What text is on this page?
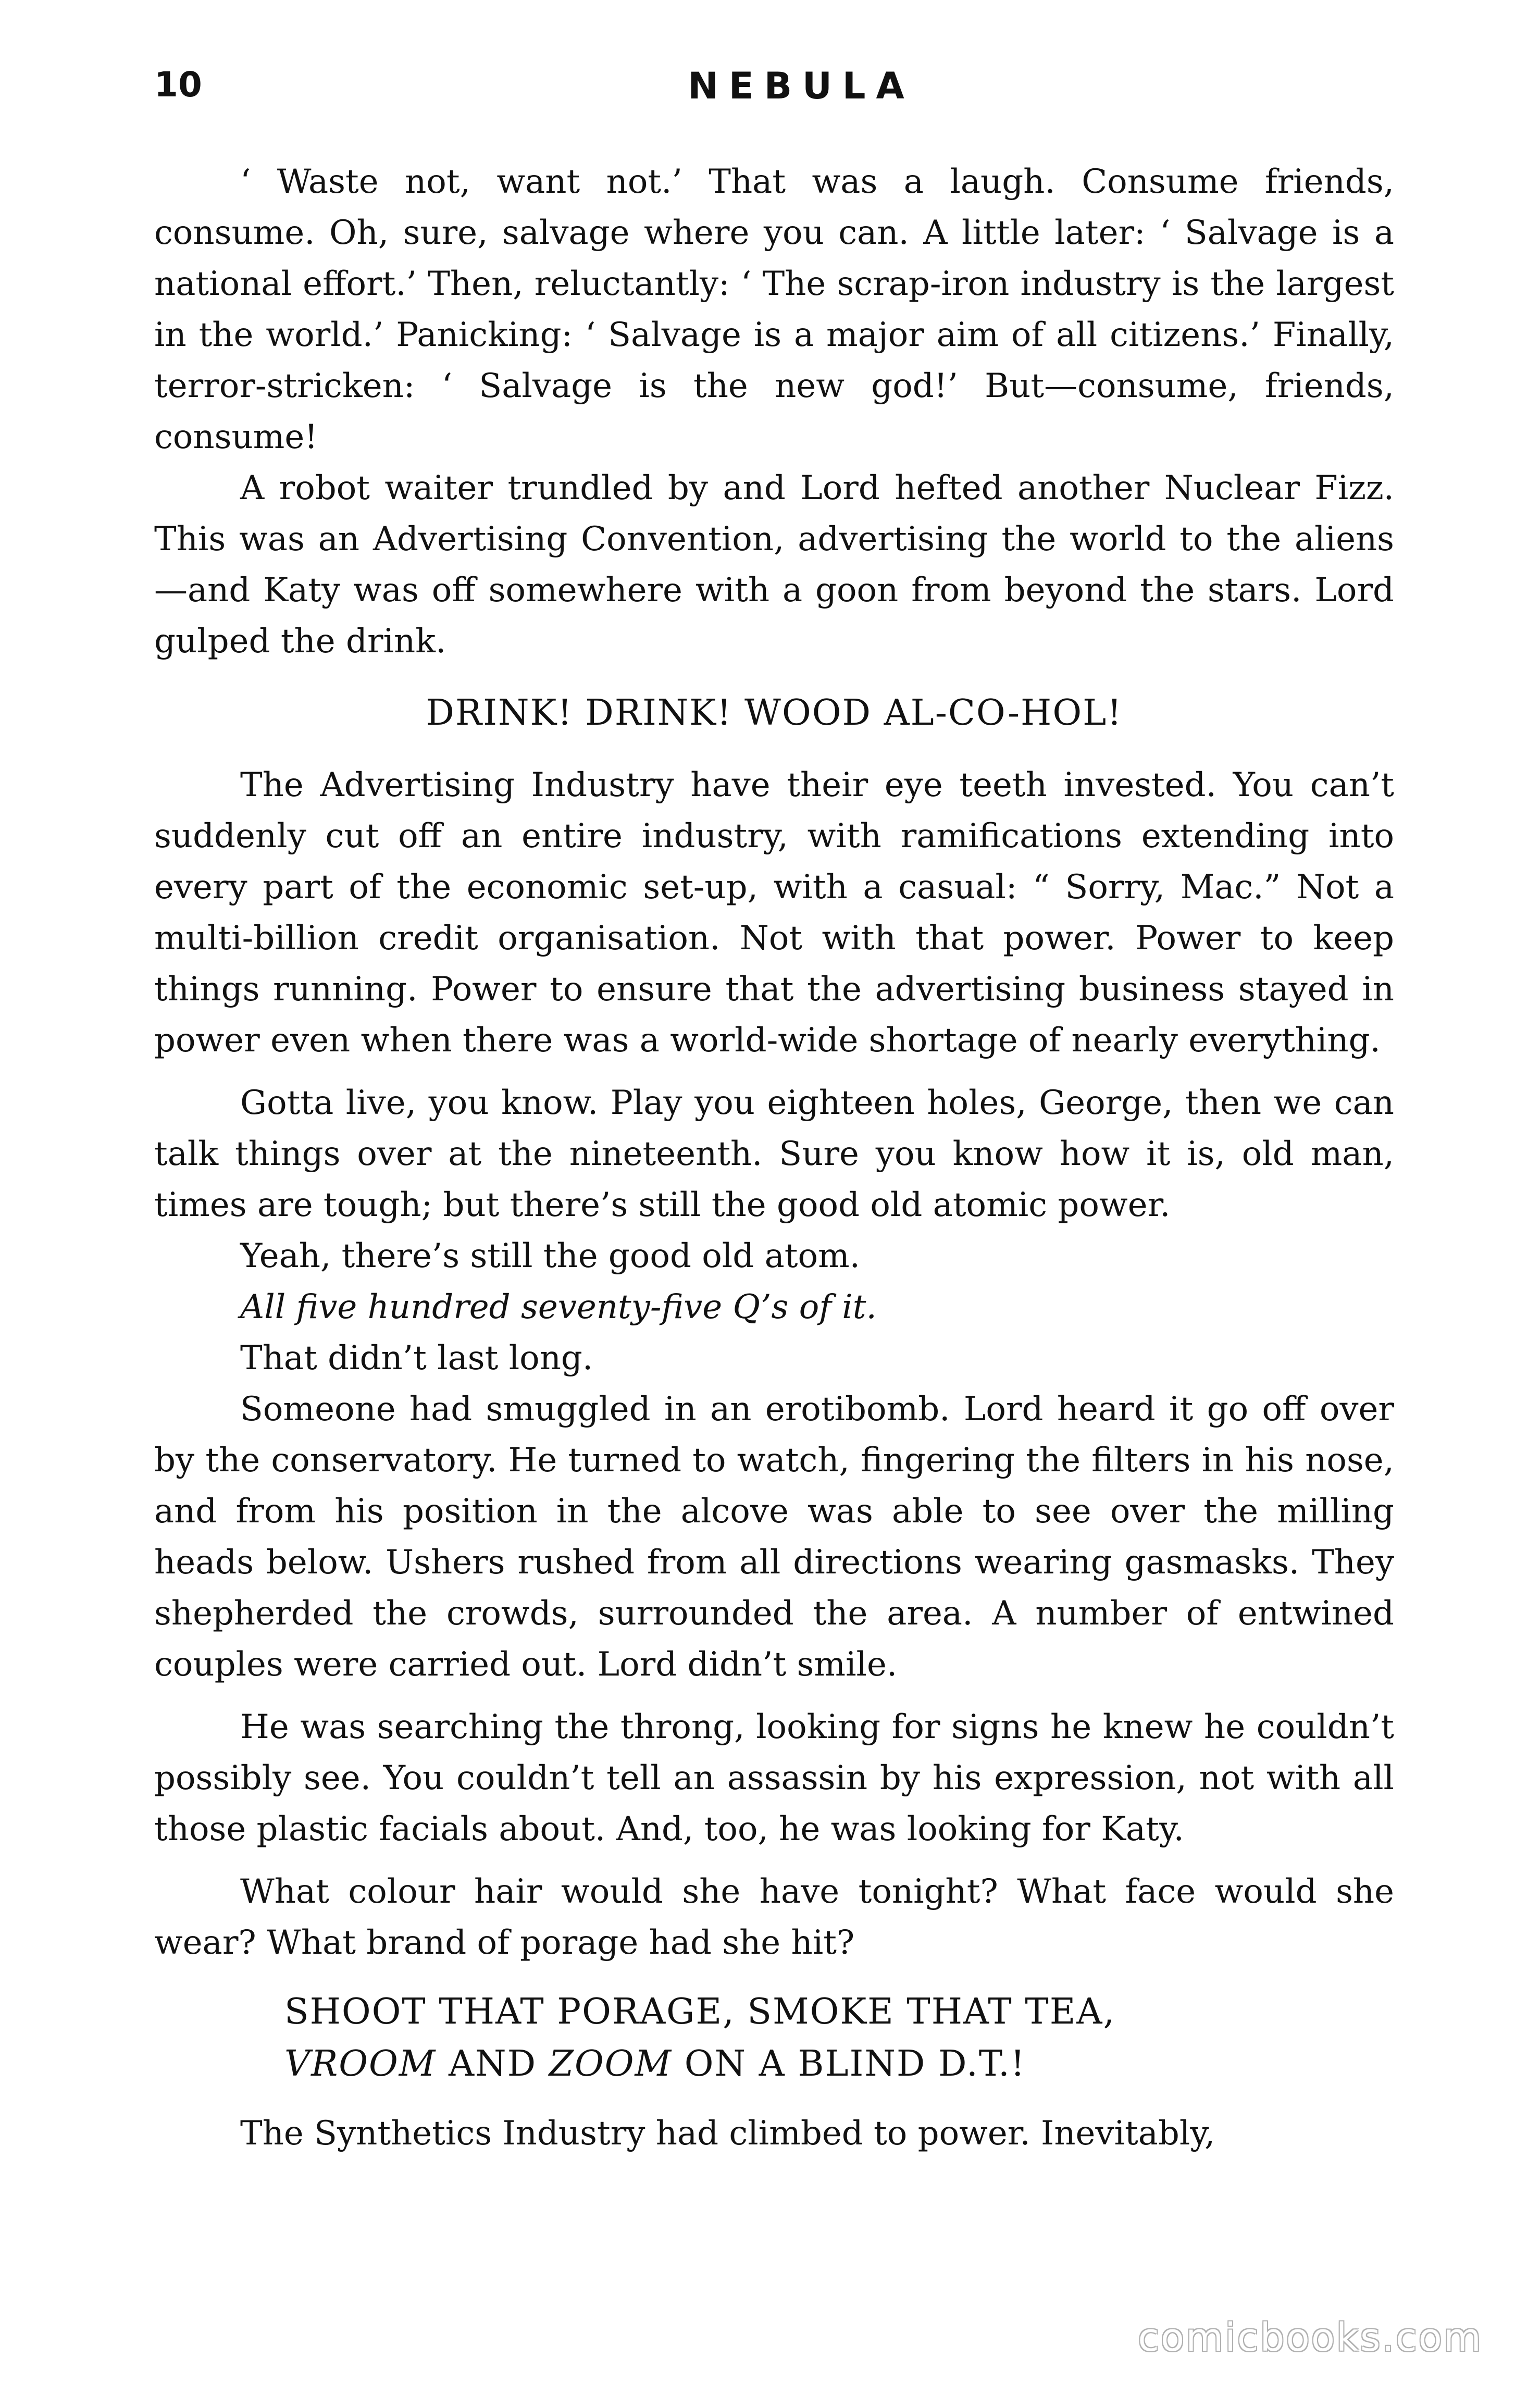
10	NEBULA

‘ Waste not, want not.’ That was a laugh. Consume friends, consume. Oh, sure, salvage where you can. A little later: ‘ Salvage is a national effort.’ Then, reluctantly: ‘ The scrap-iron industry is the largest in the world.’ Panicking: ‘ Salvage is a major aim of all citizens.’ Finally, terror-stricken: ‘ Salvage is the new god!’ But—consume, friends, consume!

A robot waiter trundled by and Lord hefted another Nuclear Fizz. This was an Advertising Convention, advertising the world to the aliens—and Katy was off somewhere with a goon from beyond the stars. Lord gulped the drink.

DRINK! DRINK! WOOD AL-CO-HOL!

The Advertising Industry have their eye teeth invested. You can’t suddenly cut off an entire industry, with ramifications extending into every part of the economic set-up, with a casual: “ Sorry, Mac.” Not a multi-billion credit organisation. Not with that power. Power to keep things running. Power to ensure that the advertising business stayed in power even when there was a world-wide shortage of nearly everything.

Gotta live, you know. Play you eighteen holes, George, then we can talk things over at the nineteenth. Sure you know how it is, old man, times are tough; but there’s still the good old atomic power.

Yeah, there’s still the good old atom.

All five hundred seventy-five Q’s of it.

That didn’t last long.

Someone had smuggled in an erotibomb. Lord heard it go off over by the conservatory. He turned to watch, fingering the filters in his nose, and from his position in the alcove was able to see over the milling heads below. Ushers rushed from all directions wearing gasmasks. They shepherded the crowds, surrounded the area. A number of entwined couples were carried out. Lord didn’t smile.

He was searching the throng, looking for signs he knew he couldn’t possibly see. You couldn’t tell an assassin by his expression, not with all those plastic facials about. And, too, he was looking for Katy.

What colour hair would she have tonight? What face would she wear? What brand of porage had she hit?

SHOOT THAT PORAGE, SMOKE THAT TEA,
VROOM AND ZOOM ON A BLIND D.T.!

The Synthetics Industry had climbed to power. Inevitably,

comicbooks.com
